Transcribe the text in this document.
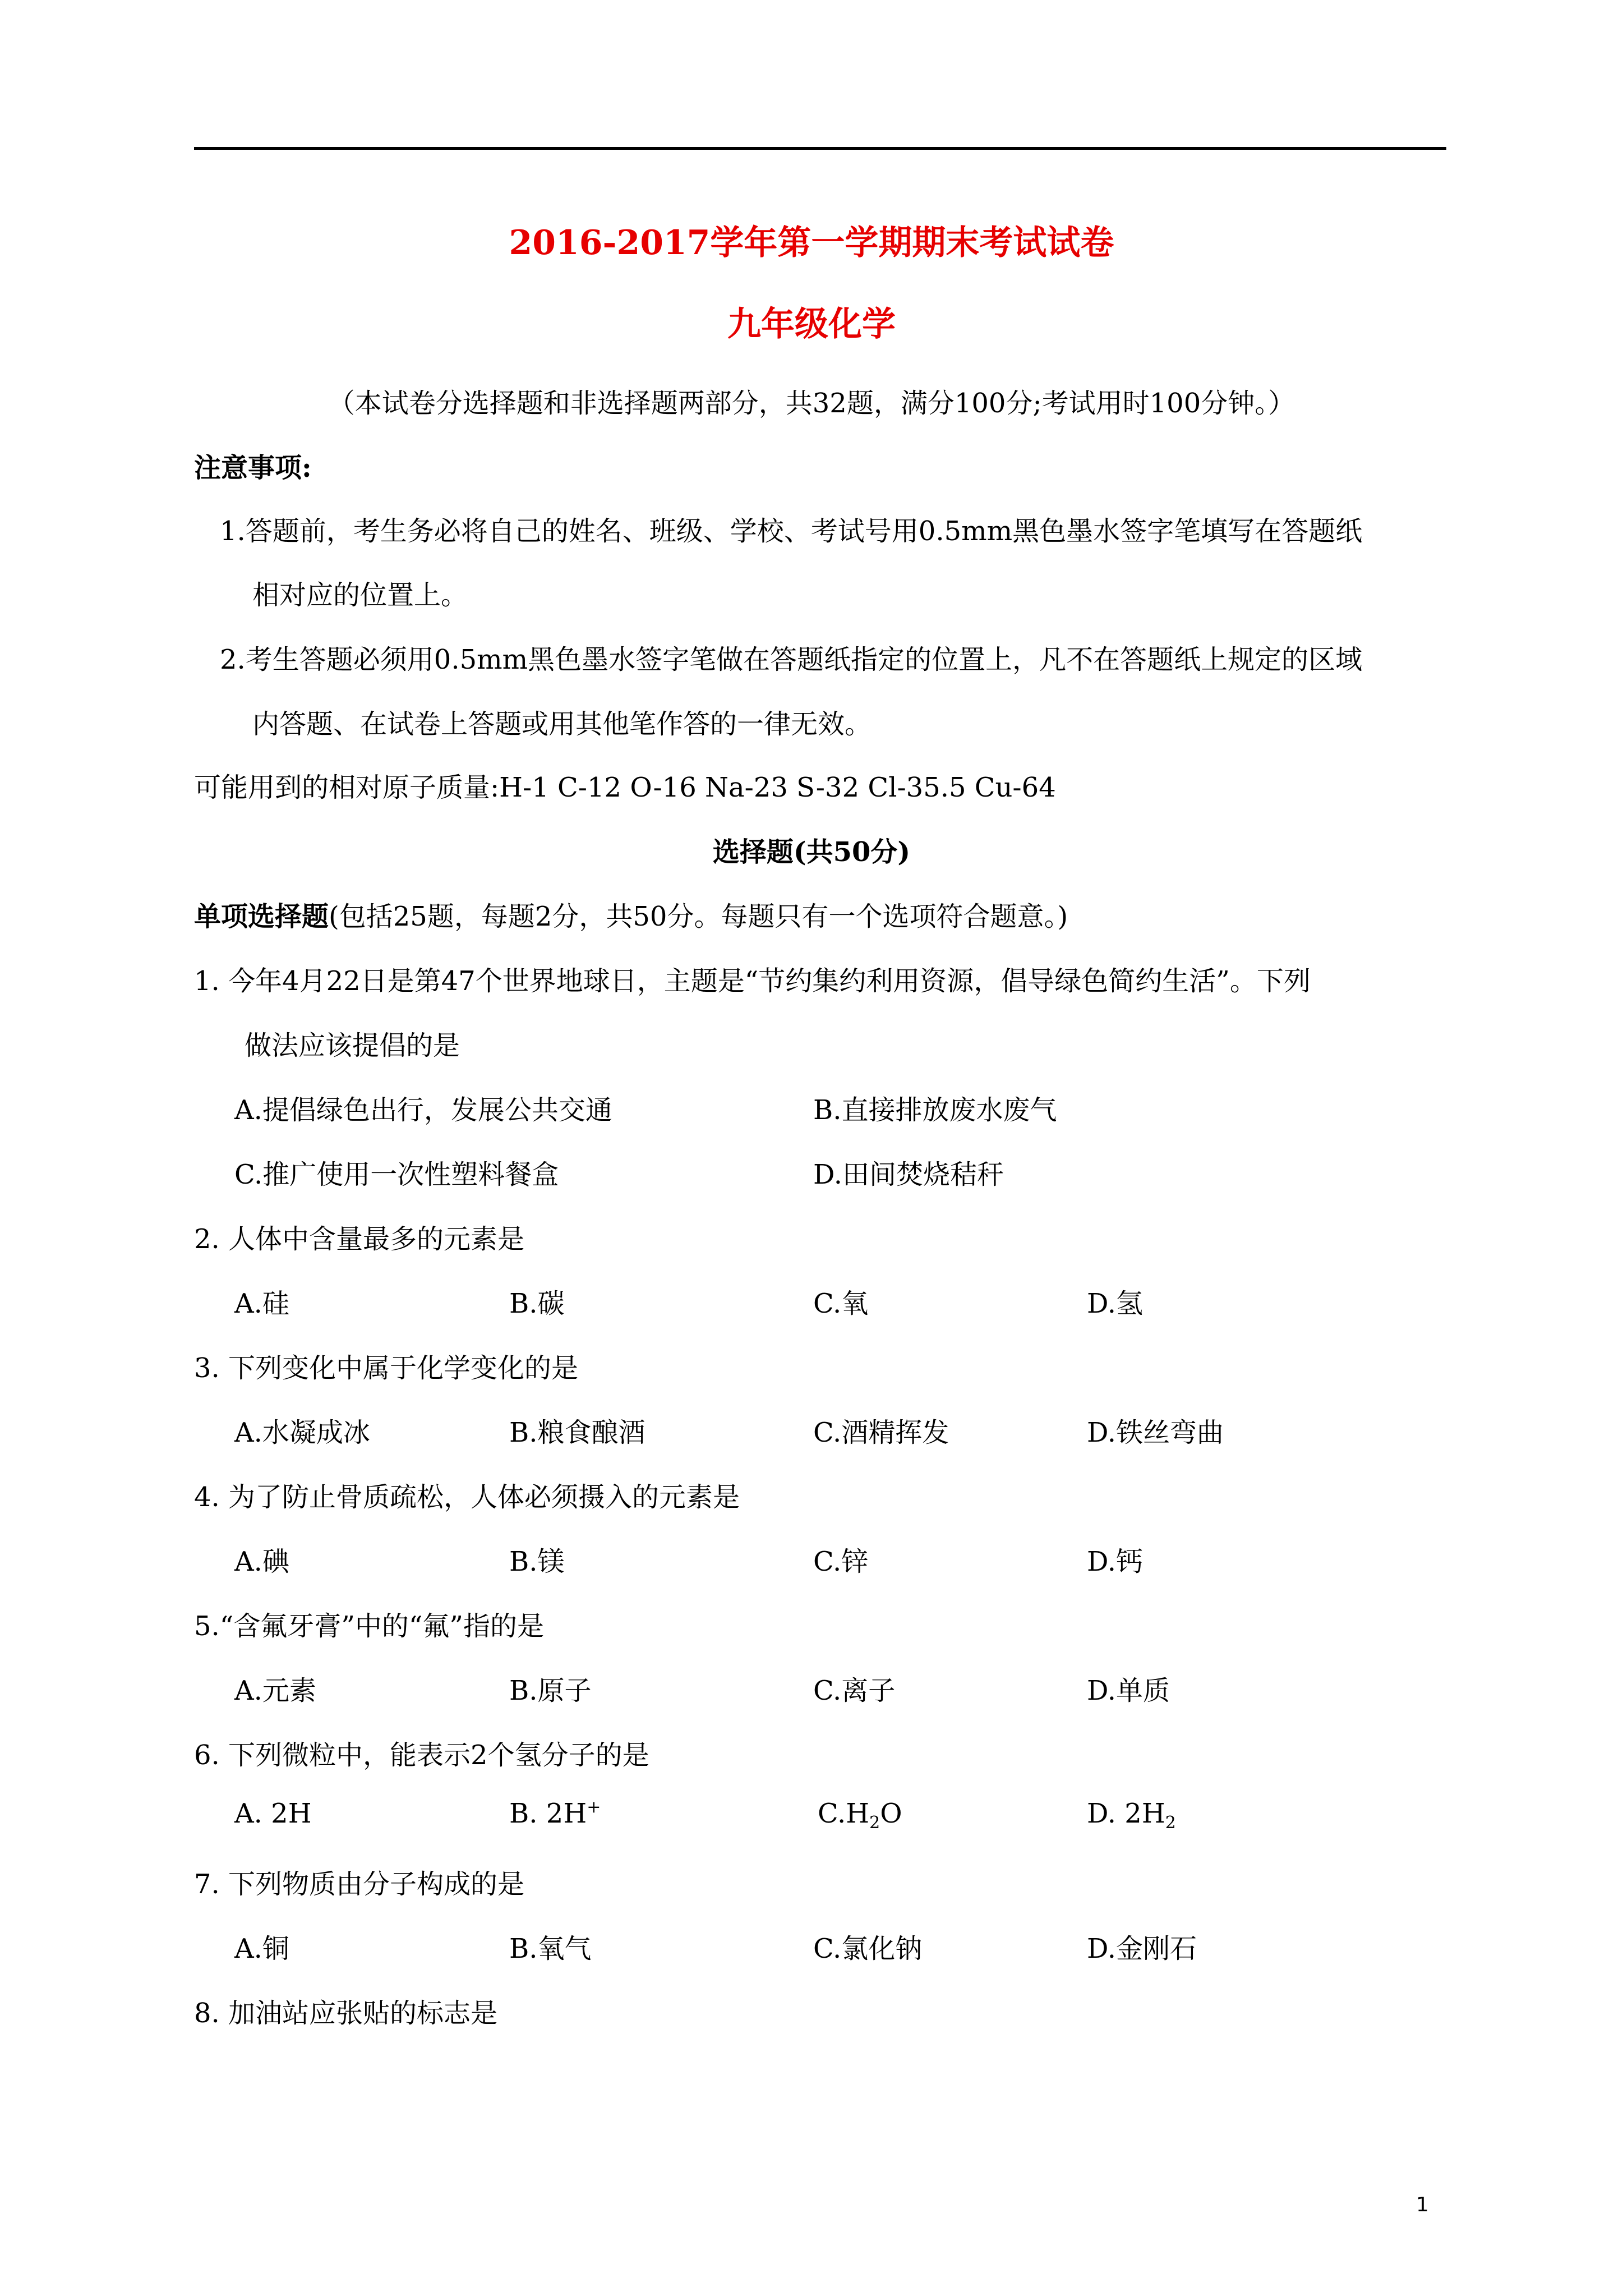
2016-2017学年第一学期期末考试试卷
九年级化学
（本试卷分选择题和非选择题两部分，共32题，满分100分;考试用时100分钟。）
注意事项:
1.答题前，考生务必将自己的姓名、班级、学校、考试号用0.5mm黑色墨水签字笔填写在答题纸
相对应的位置上。
2.考生答题必须用0.5mm黑色墨水签字笔做在答题纸指定的位置上，凡不在答题纸上规定的区域
内答题、在试卷上答题或用其他笔作答的一律无效。
可能用到的相对原子质量:H-1 C-12 O-16 Na-23 S-32 Cl-35.5 Cu-64
选择题(共50分)
单项选择题(包括25题，每题2分，共50分。每题只有一个选项符合题意。)
1. 今年4月22日是第47个世界地球日，主题是“节约集约利用资源，倡导绿色简约生活”。下列
做法应该提倡的是
A.提倡绿色出行，发展公共交通	B.直接排放废水废气
C.推广使用一次性塑料餐盒	D.田间焚烧秸秆
2. 人体中含量最多的元素是
A.硅	B.碳	C.氧	D.氢
3. 下列变化中属于化学变化的是
A.水凝成冰	B.粮食酿酒	C.酒精挥发	D.铁丝弯曲
4. 为了防止骨质疏松，人体必须摄入的元素是
A.碘	B.镁	C.锌	D.钙
5.“含氟牙膏”中的“氟”指的是
A.元素	B.原子	C.离子	D.单质
6. 下列微粒中，能表示2个氢分子的是
A. 2H	B. 2H+	$C.H_2O$	D. $2H_2$
7. 下列物质由分子构成的是
A.铜	B.氧气	C.氯化钠	D.金刚石
8. 加油站应张贴的标志是
1
